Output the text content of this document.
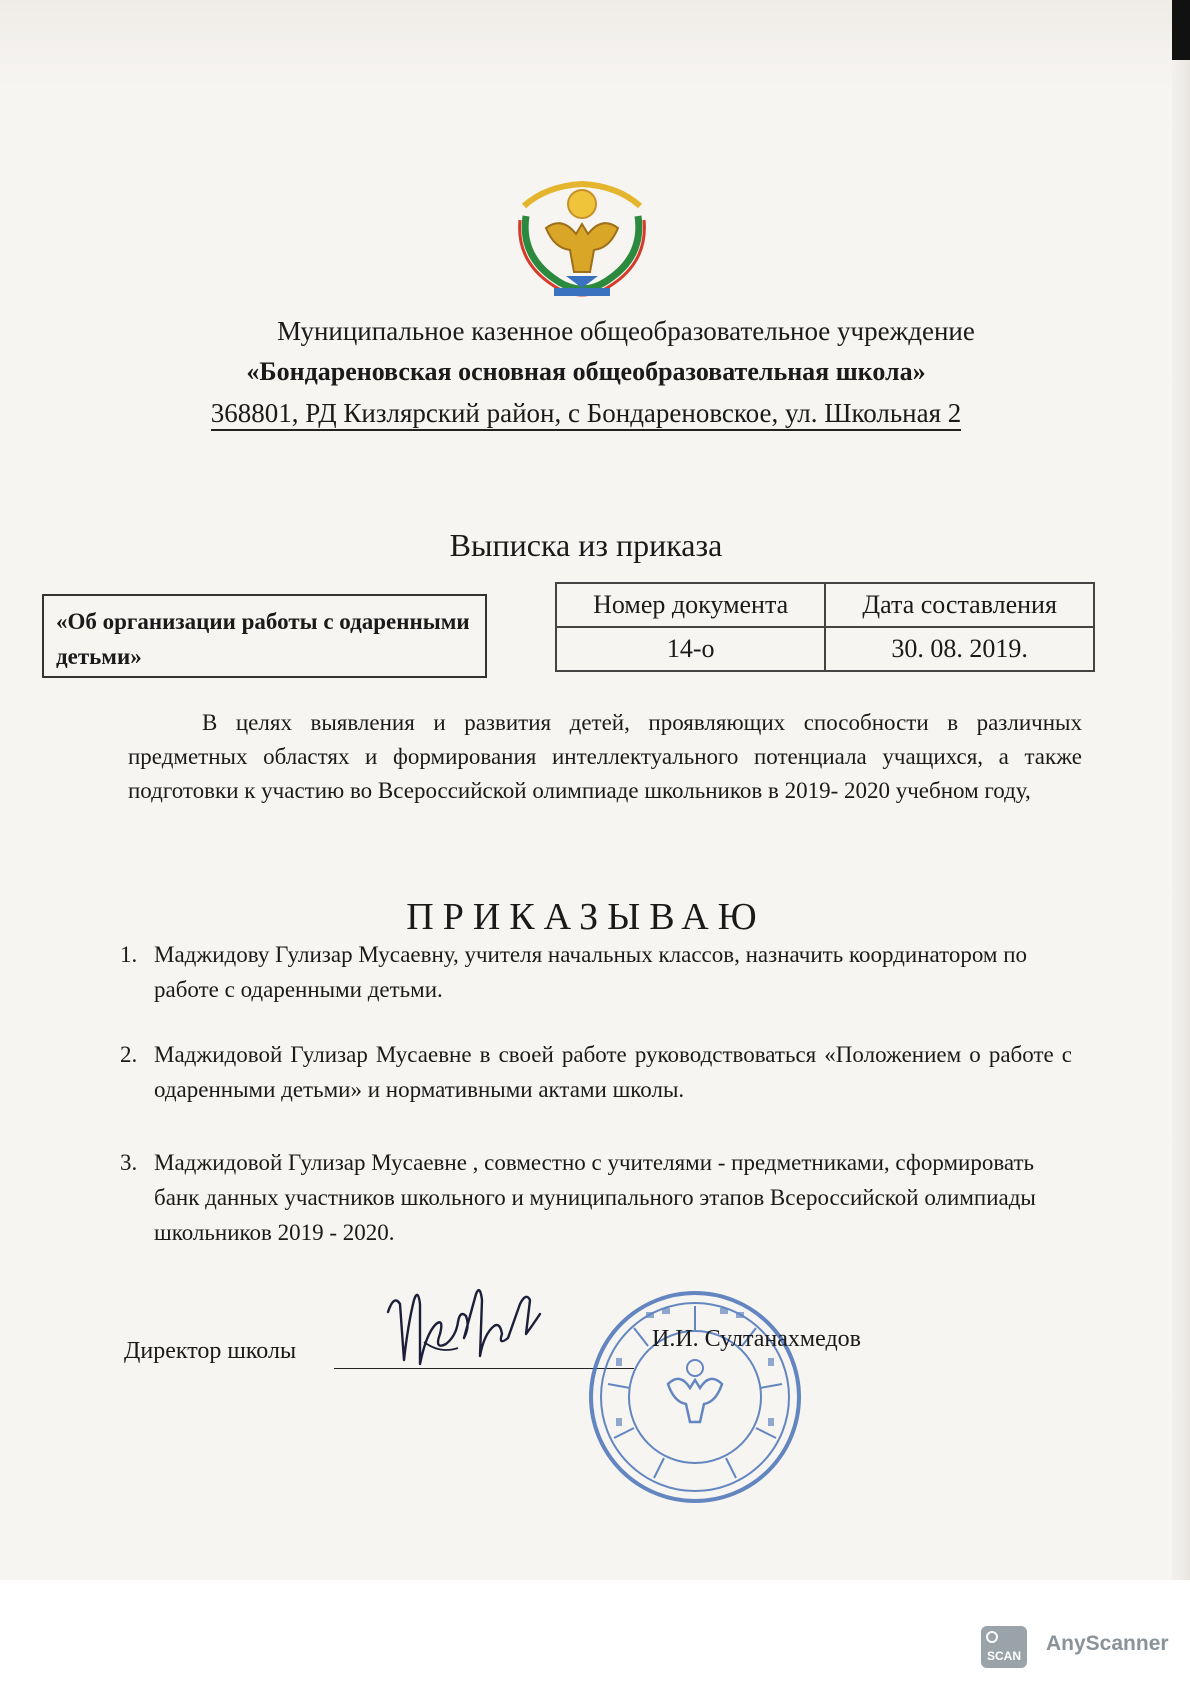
Муниципальное казенное общеобразовательное учреждение
«Бондареновская основная общеобразовательная школа»
368801, РД Кизлярский район, с Бондареновское, ул. Школьная 2
Выписка из приказа
«Об организации работы с одаренными детьми»
Номер документа	Дата составления
14-о	30. 08. 2019.
В целях выявления и развития детей, проявляющих способности в различных предметных областях и формирования интеллектуального потенциала учащихся, а также подготовки к участию во Всероссийской олимпиаде школьников в 2019- 2020 учебном году,
ПРИКАЗЫВАЮ
1. Маджидову Гулизар Мусаевну, учителя начальных классов, назначить координатором по работе с одаренными детьми.
2. Маджидовой Гулизар Мусаевне в своей работе руководствоваться «Положением о работе с одаренными детьми» и нормативными актами школы.
3. Маджидовой Гулизар Мусаевне , совместно с учителями - предметниками, сформировать банк данных участников школьного и муниципального этапов Всероссийской олимпиады школьников 2019 - 2020.
Директор школы	И.И. Султанахмедов
SCAN
AnyScanner
